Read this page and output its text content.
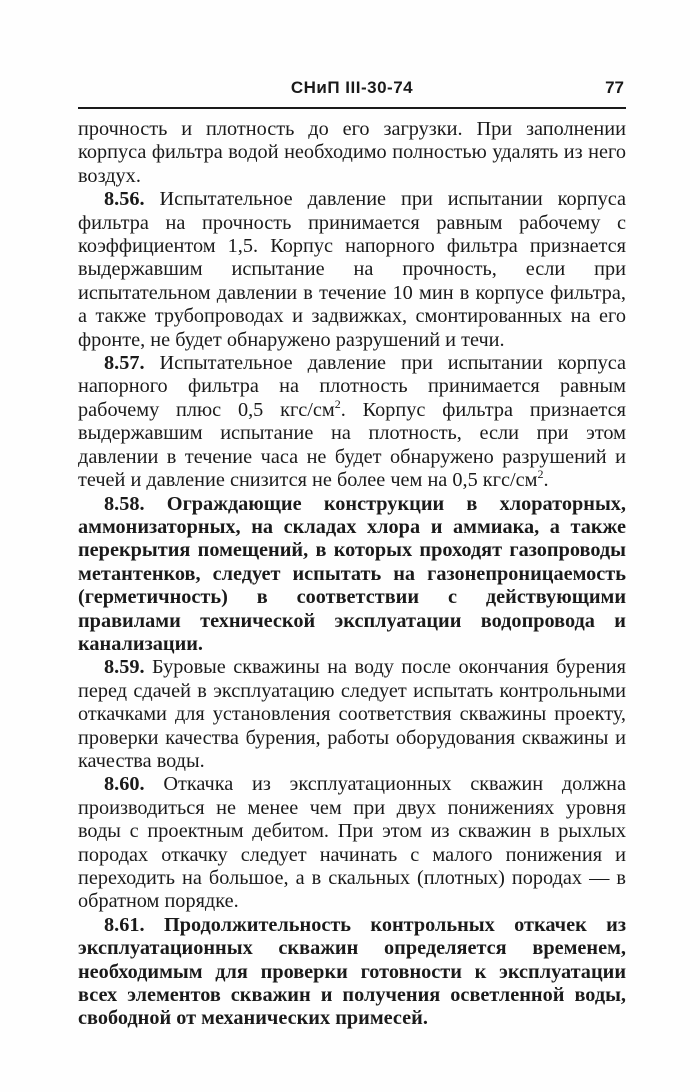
СНиП III-30-74	77

прочность и плотность до его загрузки. При заполнении корпуса фильтра водой необходимо полностью удалять из него воздух.

8.56. Испытательное давление при испытании корпуса фильтра на прочность принимается равным рабочему с коэффициентом 1,5. Корпус напорного фильтра признается выдержавшим испытание на прочность, если при испытательном давлении в течение 10 мин в корпусе фильтра, а также трубопроводах и задвижках, смонтированных на его фронте, не будет обнаружено разрушений и течи.

8.57. Испытательное давление при испытании корпуса напорного фильтра на плотность принимается равным рабочему плюс 0,5 кгс/$см^2$. Корпус фильтра признается выдержавшим испытание на плотность, если при этом давлении в течение часа не будет обнаружено разрушений и течей и давление снизится не более чем на 0,5 кгс/$см^2$.

8.58. Ограждающие конструкции в хлораторных, аммонизаторных, на складах хлора и аммиака, а также перекрытия помещений, в которых проходят газопроводы метантенков, следует испытать на газонепроницаемость (герметичность) в соответствии с действующими правилами технической эксплуатации водопровода и канализации.

8.59. Буровые скважины на воду после окончания бурения перед сдачей в эксплуатацию следует испытать контрольными откачками для установления соответствия скважины проекту, проверки качества бурения, работы оборудования скважины и качества воды.

8.60. Откачка из эксплуатационных скважин должна производиться не менее чем при двух понижениях уровня воды с проектным дебитом. При этом из скважин в рыхлых породах откачку следует начинать с малого понижения и переходить на большое, а в скальных (плотных) породах — в обратном порядке.

8.61. Продолжительность контрольных откачек из эксплуатационных скважин определяется временем, необходимым для проверки готовности к эксплуатации всех элементов скважин и получения осветленной воды, свободной от механических примесей.
